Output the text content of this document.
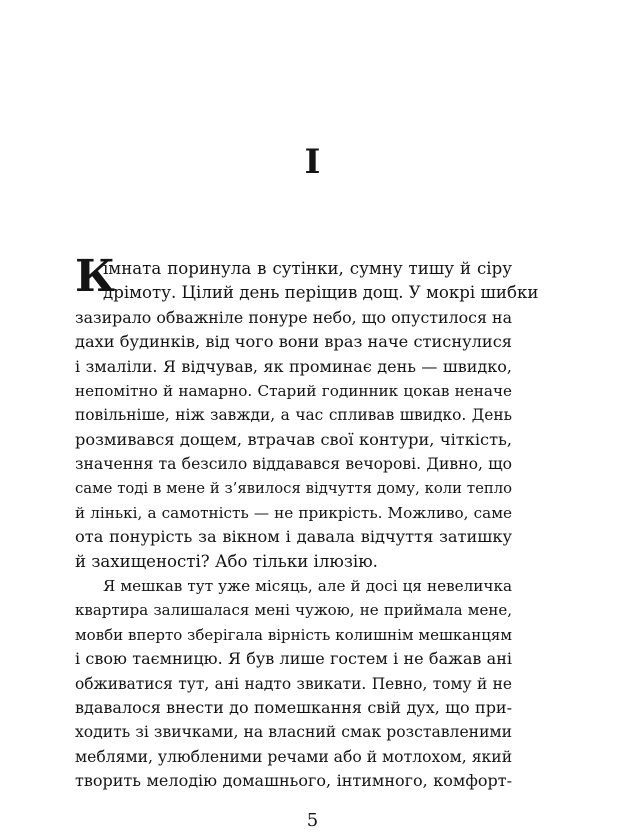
I
К
імната поринула в сутінки, сумну тишу й сіру
дрімоту. Цілий день періщив дощ. У мокрі шибки
зазирало обважніле понуре небо, що опустилося на
дахи будинків, від чого вони враз наче стиснулися
і змаліли. Я відчував, як проминає день — швидко,
непомітно й намарно. Старий годинник цокав неначе
повільніше, ніж завжди, а час спливав швидко. День
розмивався дощем, втрачав свої контури, чіткість,
значення та безсило віддавався вечорові. Дивно, що
саме тоді в мене й з’явилося відчуття дому, коли тепло
й лінькі, а самотність — не прикрість. Можливо, саме
ота понурість за вікном і давала відчуття затишку
й захищеності? Або тільки ілюзію.
Я мешкав тут уже місяць, але й досі ця невеличка
квартира залишалася мені чужою, не приймала мене,
мовби вперто зберігала вірність колишнім мешканцям
і свою таємницю. Я був лише гостем і не бажав ані
обживатися тут, ані надто звикати. Певно, тому й не
вдавалося внести до помешкання свій дух, що при-
ходить зі звичками, на власний смак розставленими
меблями, улюбленими речами або й мотлохом, який
творить мелодію домашнього, інтимного, комфорт-
5
